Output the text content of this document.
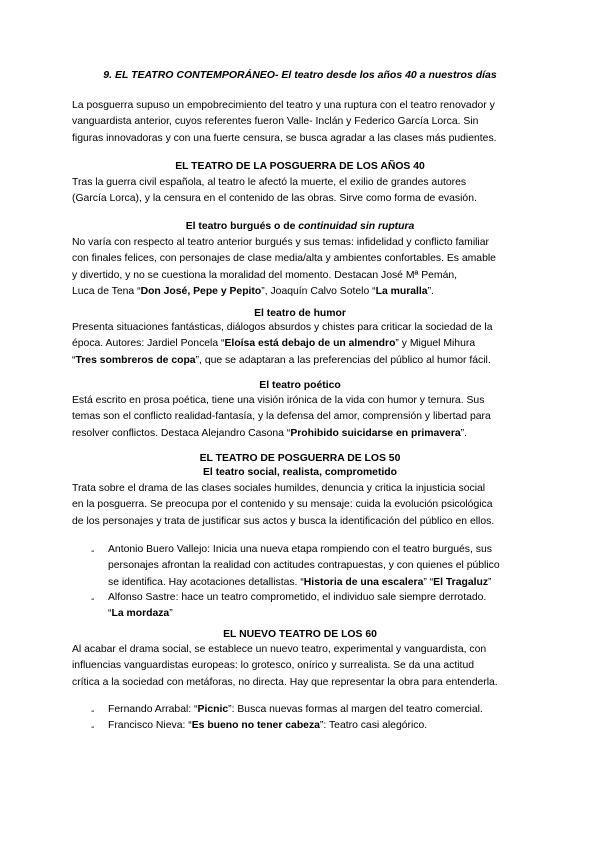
9. EL TEATRO CONTEMPORÁNEO- El teatro desde los años 40 a nuestros días
La posguerra supuso un empobrecimiento del teatro y una ruptura con el teatro renovador y
vanguardista anterior, cuyos referentes fueron Valle- Inclán y Federico García Lorca. Sin
figuras innovadoras y con una fuerte censura, se busca agradar a las clases más pudientes.
EL TEATRO DE LA POSGUERRA DE LOS AÑOS 40
Tras la guerra civil española, al teatro le afectó la muerte, el exilio de grandes autores
(García Lorca), y la censura en el contenido de las obras. Sirve como forma de evasión.
El teatro burgués o de continuidad sin ruptura
No varía con respecto al teatro anterior burgués y sus temas: infidelidad y conflicto familiar
con finales felices, con personajes de clase media/alta y ambientes confortables. Es amable
y divertido, y no se cuestiona la moralidad del momento. Destacan José Mª Pemán,
Luca de Tena “Don José, Pepe y Pepito”, Joaquín Calvo Sotelo “La muralla”.
El teatro de humor
Presenta situaciones fantásticas, diálogos absurdos y chistes para criticar la sociedad de la
época. Autores: Jardiel Poncela “Eloísa está debajo de un almendro” y Miguel Mihura
“Tres sombreros de copa”, que se adaptaran a las preferencias del público al humor fácil.
El teatro poético
Está escrito en prosa poética, tiene una visión irónica de la vida con humor y ternura. Sus
temas son el conflicto realidad-fantasía, y la defensa del amor, comprensión y libertad para
resolver conflictos. Destaca Alejandro Casona “Prohibido suicidarse en primavera”.
EL TEATRO DE POSGUERRA DE LOS 50
El teatro social, realista, comprometido
Trata sobre el drama de las clases sociales humildes, denuncia y critica la injusticia social
en la posguerra. Se preocupa por el contenido y su mensaje: cuida la evolución psicológica
de los personajes y trata de justificar sus actos y busca la identificación del público en ellos.
- Antonio Buero Vallejo: Inicia una nueva etapa rompiendo con el teatro burgués, sus
personajes afrontan la realidad con actitudes contrapuestas, y con quienes el público
se identifica. Hay acotaciones detallistas. “Historia de una escalera” “El Tragaluz”
- Alfonso Sastre: hace un teatro comprometido, el individuo sale siempre derrotado.
“La mordaza”
EL NUEVO TEATRO DE LOS 60
Al acabar el drama social, se establece un nuevo teatro, experimental y vanguardista, con
influencias vanguardistas europeas: lo grotesco, onírico y surrealista. Se da una actitud
crítica a la sociedad con metáforas, no directa. Hay que representar la obra para entenderla.
- Fernando Arrabal: “Picnic”: Busca nuevas formas al margen del teatro comercial.
- Francisco Nieva: “Es bueno no tener cabeza”: Teatro casi alegórico.
